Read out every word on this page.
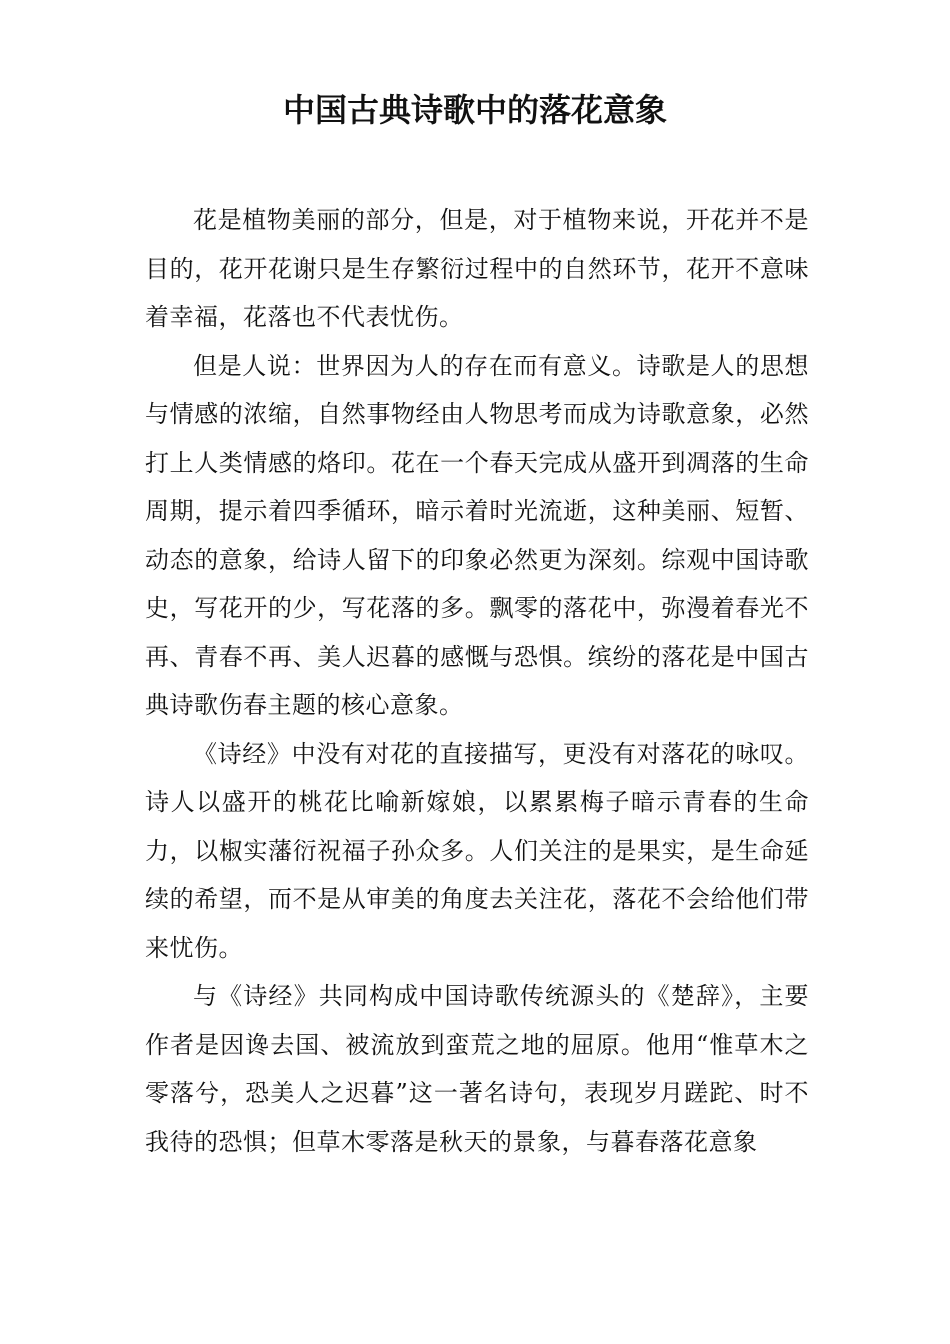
中国古典诗歌中的落花意象

花是植物美丽的部分，但是，对于植物来说，开花并不是目的，花开花谢只是生存繁衍过程中的自然环节，花开不意味着幸福，花落也不代表忧伤。

但是人说：世界因为人的存在而有意义。诗歌是人的思想与情感的浓缩，自然事物经由人物思考而成为诗歌意象，必然打上人类情感的烙印。花在一个春天完成从盛开到凋落的生命周期，提示着四季循环，暗示着时光流逝，这种美丽、短暂、动态的意象，给诗人留下的印象必然更为深刻。综观中国诗歌史，写花开的少，写花落的多。飘零的落花中，弥漫着春光不再、青春不再、美人迟暮的感慨与恐惧。缤纷的落花是中国古典诗歌伤春主题的核心意象。

《诗经》中没有对花的直接描写，更没有对落花的咏叹。诗人以盛开的桃花比喻新嫁娘，以累累梅子暗示青春的生命力，以椒实藩衍祝福子孙众多。人们关注的是果实，是生命延续的希望，而不是从审美的角度去关注花，落花不会给他们带来忧伤。

与《诗经》共同构成中国诗歌传统源头的《楚辞》，主要作者是因谗去国、被流放到蛮荒之地的屈原。他用“惟草木之零落兮，恐美人之迟暮”这一著名诗句，表现岁月蹉跎、时不我待的恐惧；但草木零落是秋天的景象，与暮春落花意象
